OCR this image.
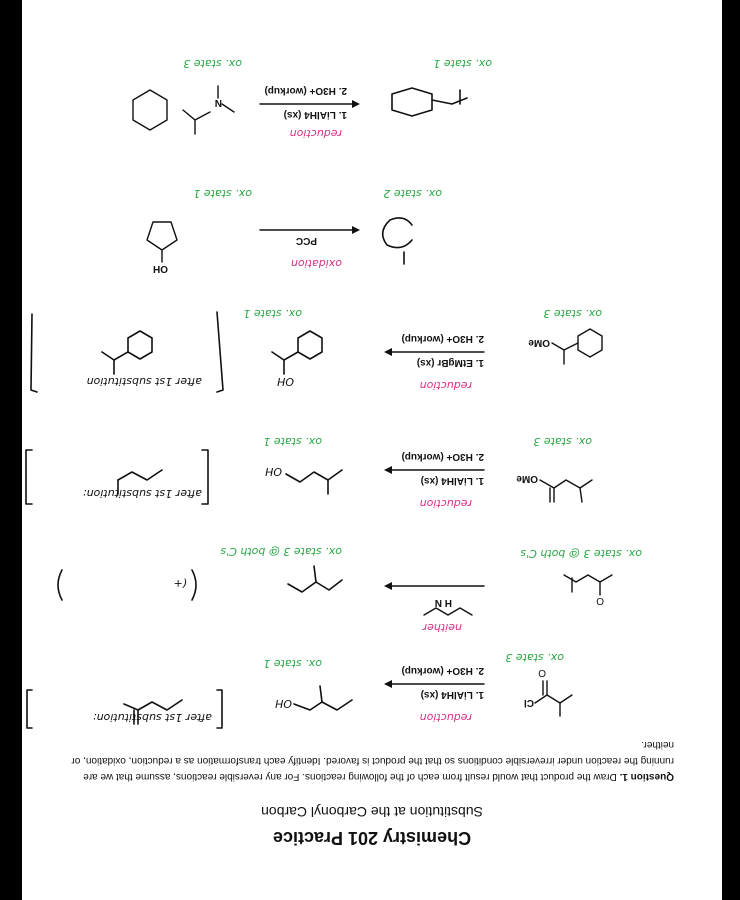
Chemistry 201 Practice
Substitution at the Carbonyl Carbon
Question 1. Draw the product that would result from each of the following reactions. For any reversible reactions, assume that we are running the reaction under irreversible conditions so that the product is favored. Identify each transformation as a reduction, oxidation, or neither.
O
Cl
1. LiAlH4 (xs)
2. H3O+ (workup)
reduction
ox. state 3
OH
ox. state 1
after 1st substitution:
O
H N
neither
ox. state 3 @ both C's
ox. state 3 @ both C's
(+
OMe
1. LiAlH4 (xs)
2. H3O+ (workup)
reduction
ox. state 3
OH
ox. state 1
after 1st substitution:
OMe
1. EtMgBr (xs)
2. H3O+ (workup)
reduction
ox. state 3
OH
ox. state 1
after 1st substitution
OH
PCC
oxidation
ox. state 1	ox. state 2
N
1. LiAlH4 (xs)
2. H3O+ (workup)
reduction
ox. state 3	ox. state 1
